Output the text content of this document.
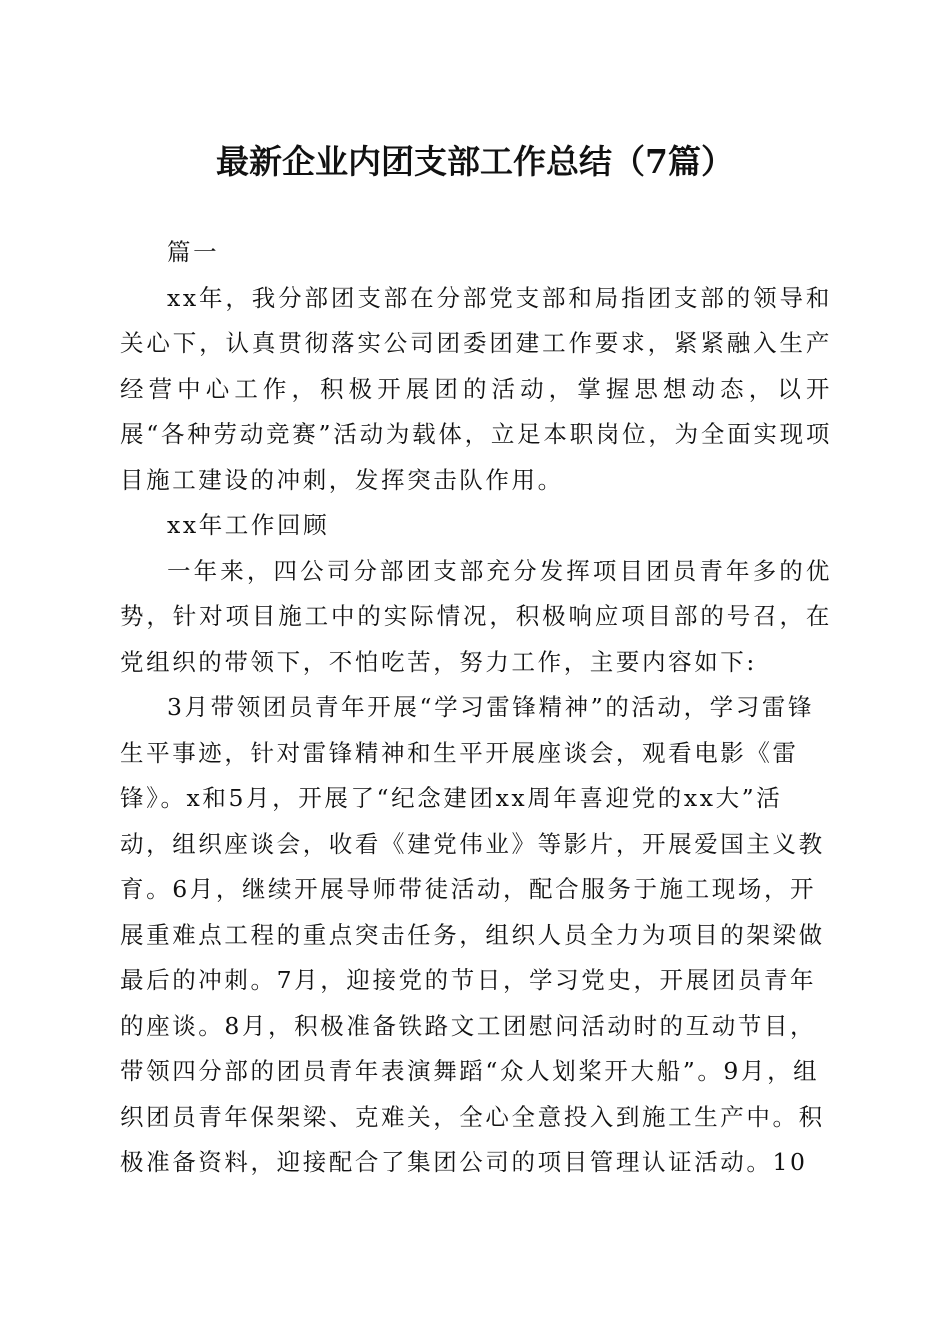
最新企业内团支部工作总结（7篇）

篇一

xx年，我分部团支部在分部党支部和局指团支部的领导和关心下，认真贯彻落实公司团委团建工作要求，紧紧融入生产经营中心工作，积极开展团的活动，掌握思想动态，以开展“各种劳动竞赛”活动为载体，立足本职岗位，为全面实现项目施工建设的冲刺，发挥突击队作用。

xx年工作回顾

一年来，四公司分部团支部充分发挥项目团员青年多的优势，针对项目施工中的实际情况，积极响应项目部的号召，在党组织的带领下，不怕吃苦，努力工作，主要内容如下:

3月带领团员青年开展“学习雷锋精神”的活动，学习雷锋生平事迹，针对雷锋精神和生平开展座谈会，观看电影《雷锋》。x和5月，开展了“纪念建团xx周年喜迎党的xx大”活动，组织座谈会，收看《建党伟业》等影片，开展爱国主义教育。6月，继续开展导师带徒活动，配合服务于施工现场，开展重难点工程的重点突击任务，组织人员全力为项目的架梁做最后的冲刺。7月，迎接党的节日，学习党史，开展团员青年的座谈。8月，积极准备铁路文工团慰问活动时的互动节目，带领四分部的团员青年表演舞蹈“众人划桨开大船”。9月，组织团员青年保架梁、克难关，全心全意投入到施工生产中。积极准备资料，迎接配合了集团公司的项目管理认证活动。10
